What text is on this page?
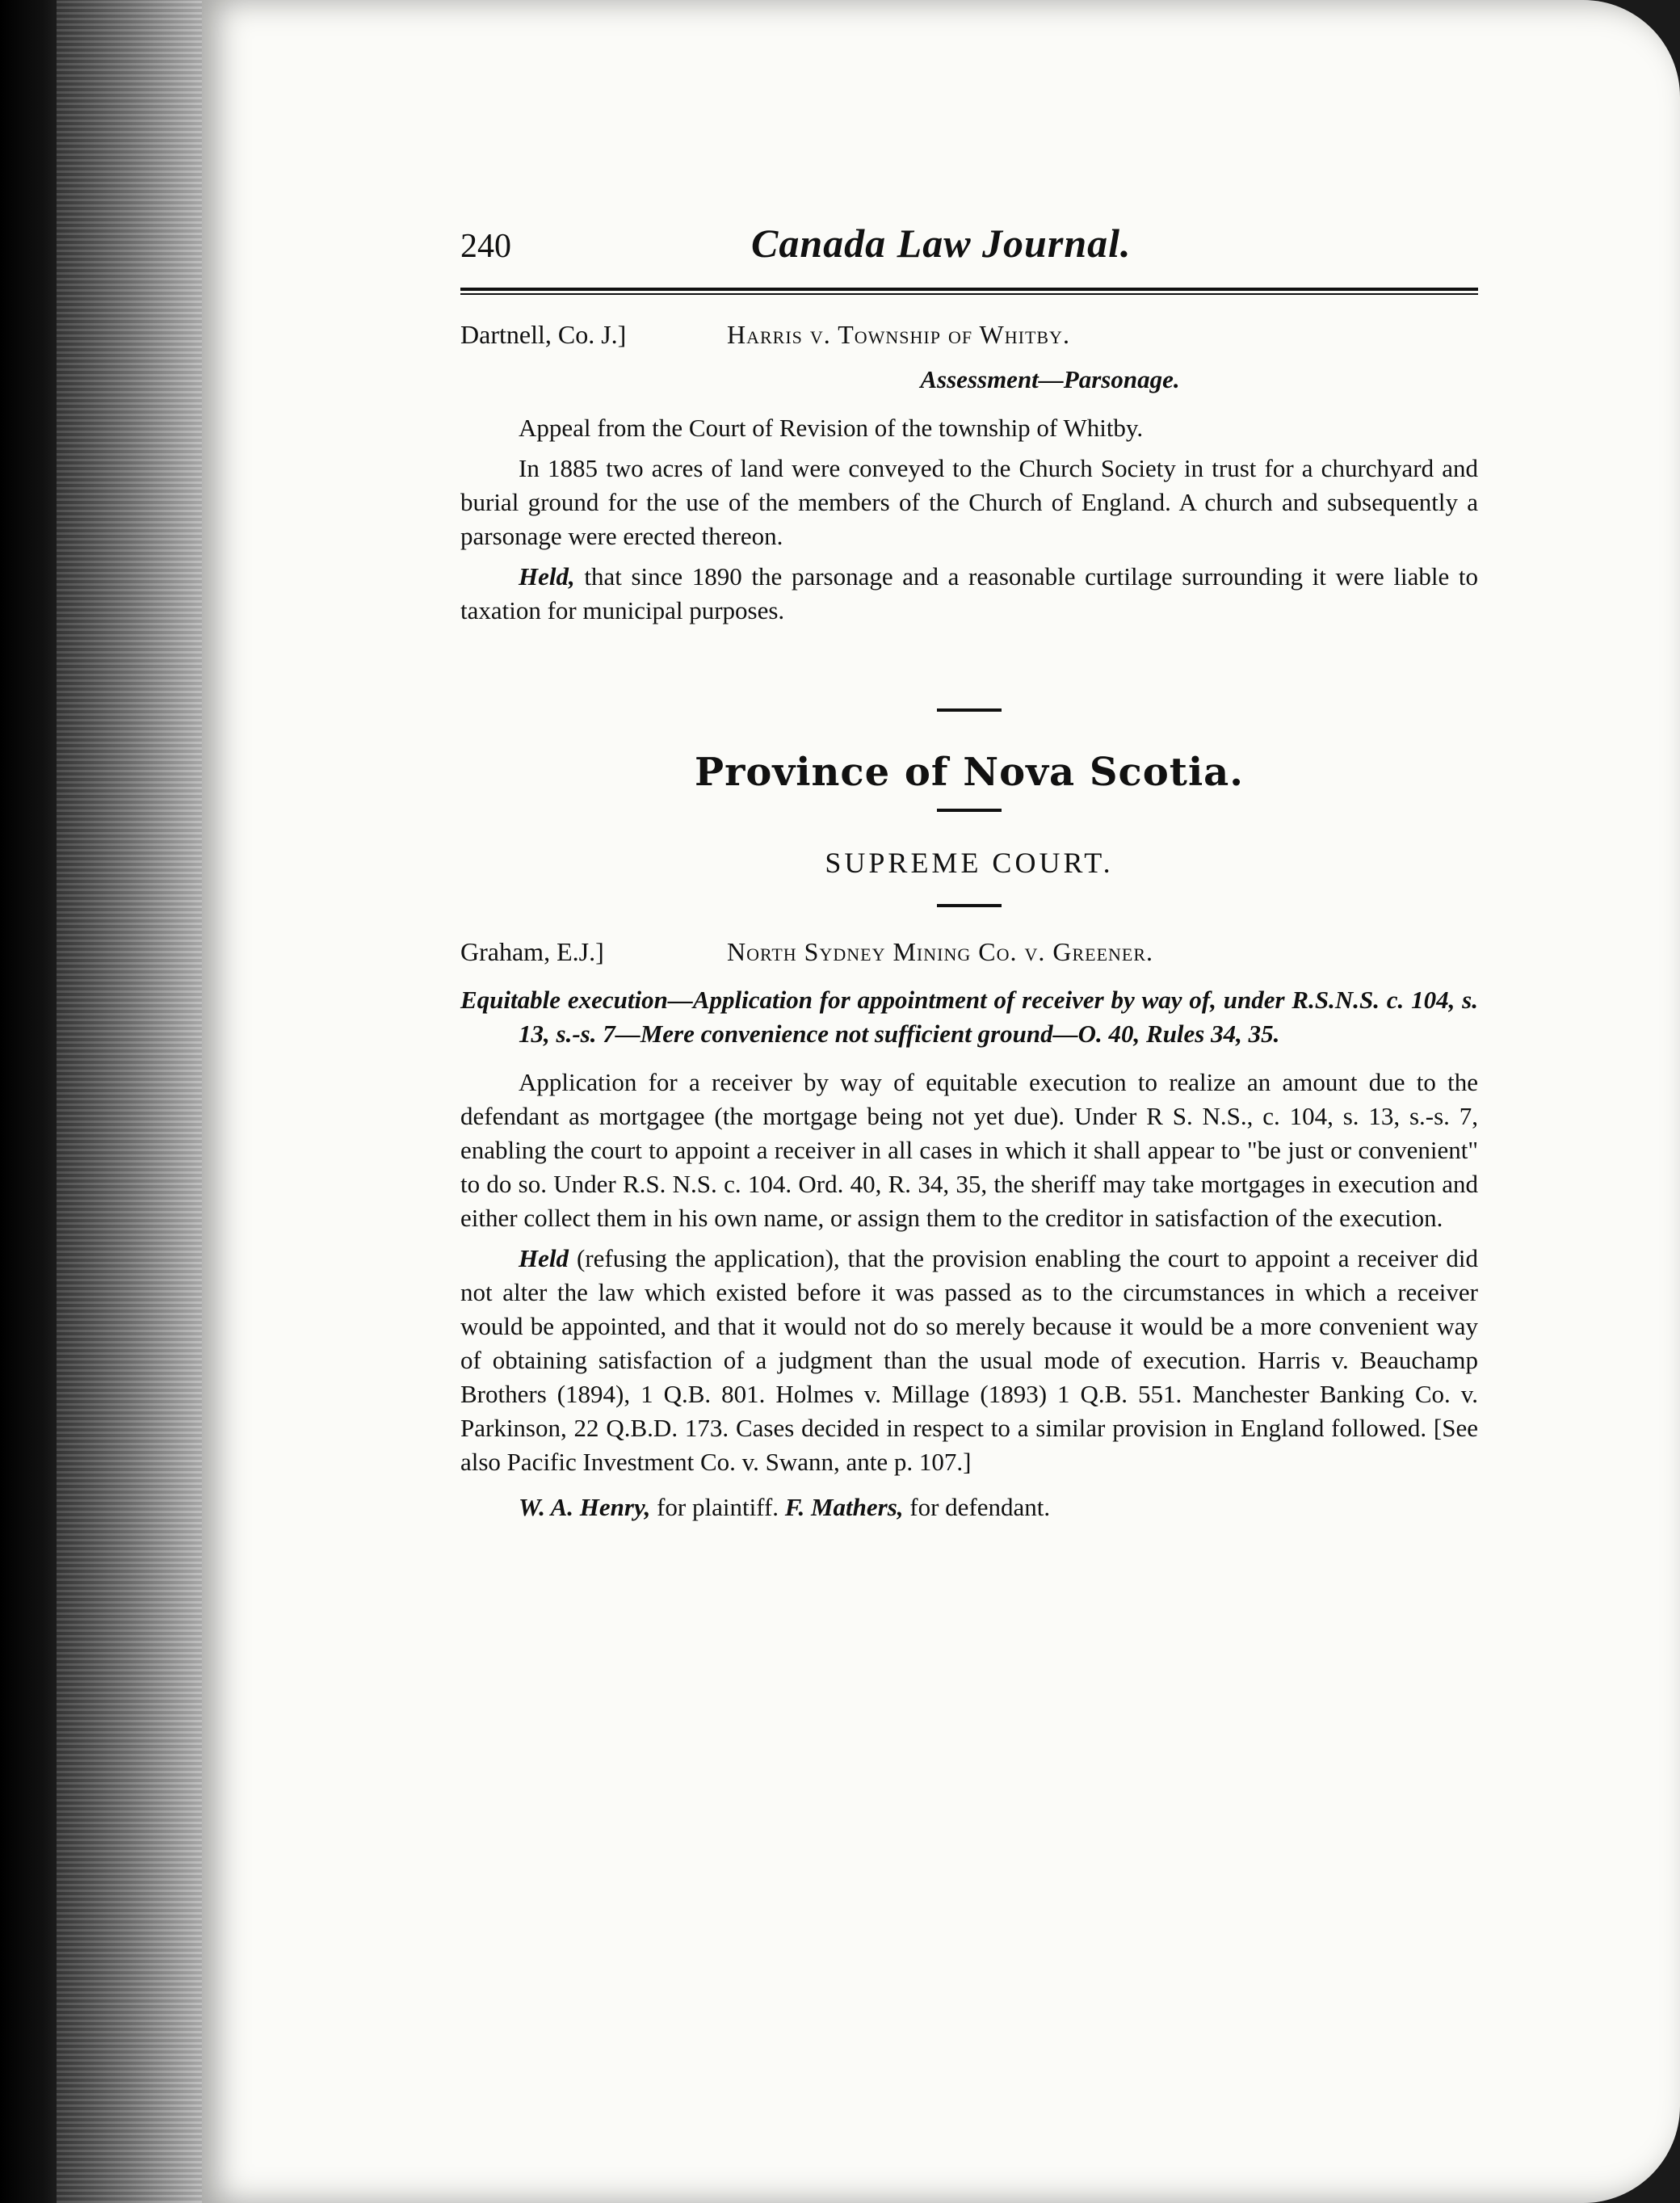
240	Canada Law Journal.
Dartnell, Co. J.]	Harris v. Township of Whitby.
Assessment—Parsonage.

Appeal from the Court of Revision of the township of Whitby.

In 1885 two acres of land were conveyed to the Church Society in trust for a churchyard and burial ground for the use of the members of the Church of England. A church and subsequently a parsonage were erected thereon.

Held, that since 1890 the parsonage and a reasonable curtilage surrounding it were liable to taxation for municipal purposes.

Province of Nova Scotia.
SUPREME COURT.
Graham, E.J.]	North Sydney Mining Co. v. Greener.
Equitable execution—Application for appointment of receiver by way of, under R.S.N.S. c. 104, s. 13, s.-s. 7—Mere convenience not sufficient ground—O. 40, Rules 34, 35.

Application for a receiver by way of equitable execution to realize an amount due to the defendant as mortgagee (the mortgage being not yet due). Under R S. N.S., c. 104, s. 13, s.-s. 7, enabling the court to appoint a receiver in all cases in which it shall appear to "be just or convenient" to do so. Under R.S. N.S. c. 104. Ord. 40, R. 34, 35, the sheriff may take mortgages in execution and either collect them in his own name, or assign them to the creditor in satisfaction of the execution.

Held (refusing the application), that the provision enabling the court to appoint a receiver did not alter the law which existed before it was passed as to the circumstances in which a receiver would be appointed, and that it would not do so merely because it would be a more convenient way of obtaining satisfaction of a judgment than the usual mode of execution. Harris v. Beauchamp Brothers (1894), 1 Q.B. 801. Holmes v. Millage (1893) 1 Q.B. 551. Manchester Banking Co. v. Parkinson, 22 Q.B.D. 173. Cases decided in respect to a similar provision in England followed. [See also Pacific Investment Co. v. Swann, ante p. 107.]

W. A. Henry, for plaintiff. F. Mathers, for defendant.
